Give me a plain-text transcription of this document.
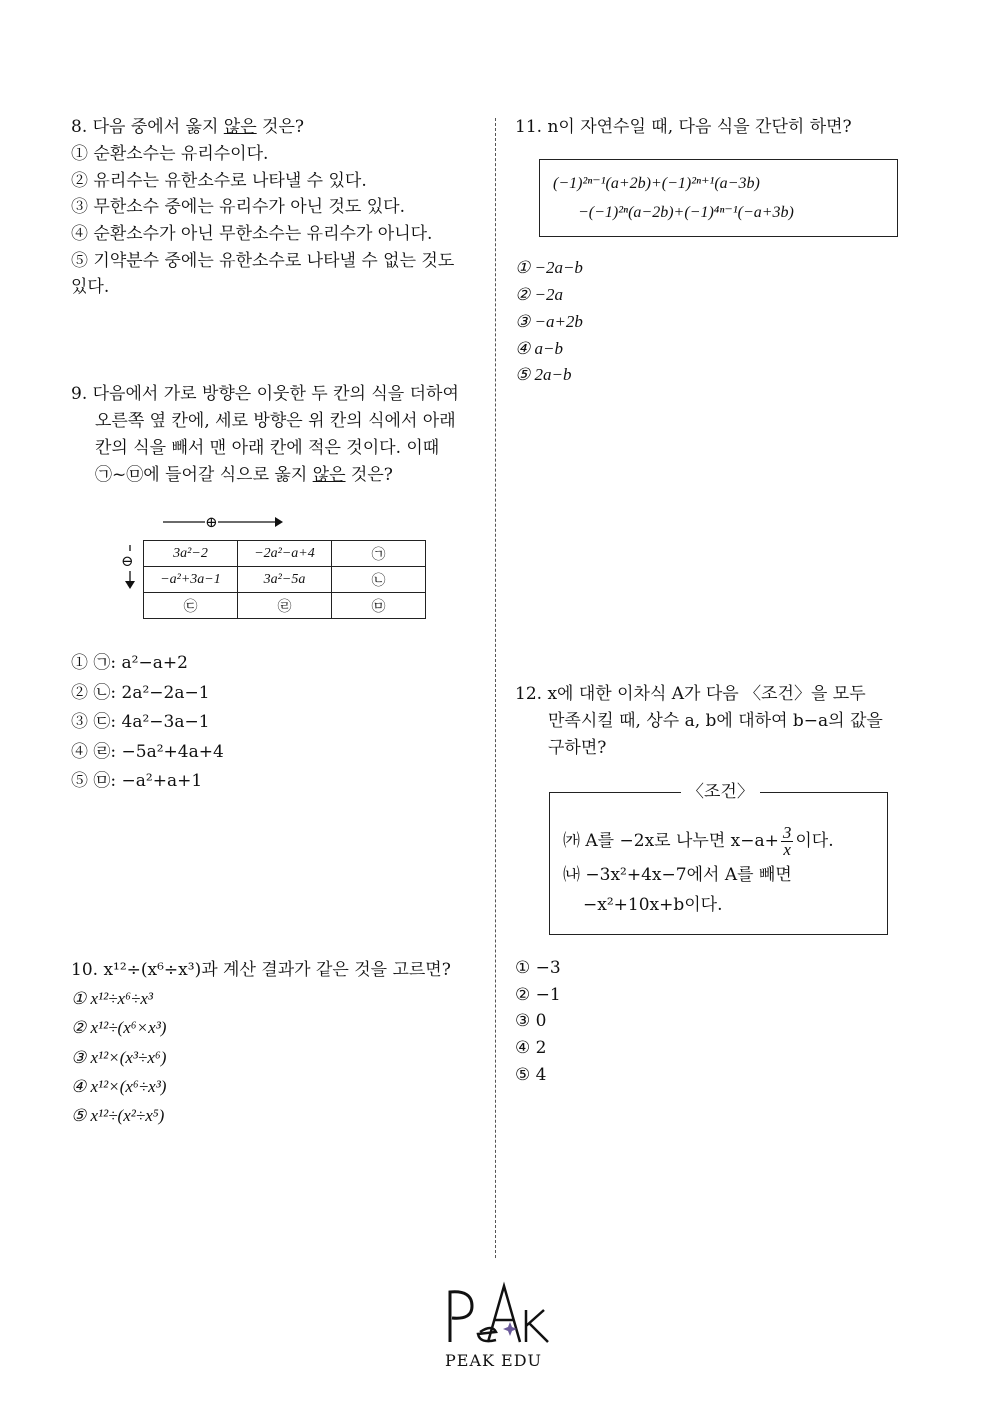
8. 다음 중에서 옳지 않은 것은?
① 순환소수는 유리수이다.
② 유리수는 유한소수로 나타낼 수 있다.
③ 무한소수 중에는 유리수가 아닌 것도 있다.
④ 순환소수가 아닌 무한소수는 유리수가 아니다.
⑤ 기약분수 중에는 유한소수로 나타낼 수 없는 것도
있다.
9. 다음에서 가로 방향은 이웃한 두 칸의 식을 더하여
오른쪽 옆 칸에, 세로 방향은 위 칸의 식에서 아래
칸의 식을 빼서 맨 아래 칸에 적은 것이다. 이때
㉠~㉤에 들어갈 식으로 옳지 않은 것은?
⊕
⊖	3a²−2	−2a²−a+4	㉠
−a²+3a−1	3a²−5a	㉡
㉢	㉣	㉤
① ㉠: a²−a+2
② ㉡: 2a²−2a−1
③ ㉢: 4a²−3a−1
④ ㉣: −5a²+4a+4
⑤ ㉤: −a²+a+1
10. x¹²÷(x⁶÷x³)과 계산 결과가 같은 것을 고르면?
① x¹²÷x⁶÷x³
② x¹²÷(x⁶×x³)
③ x¹²×(x³÷x⁶)
④ x¹²×(x⁶÷x³)
⑤ x¹²÷(x²÷x⁵)
11. n이 자연수일 때, 다음 식을 간단히 하면?
(−1)²ⁿ⁻¹(a+2b)+(−1)²ⁿ⁺¹(a−3b)
−(−1)²ⁿ(a−2b)+(−1)⁴ⁿ⁻¹(−a+3b)
① −2a−b
② −2a
③ −a+2b
④ a−b
⑤ 2a−b
12. x에 대한 이차식 A가 다음 〈조건〉을 모두
만족시킬 때, 상수 a, b에 대하여 b−a의 값을
구하면?
〈조건〉
㈎ A를 −2x로 나누면 $x-a+ \frac{3}{x}$ 이다.
㈏ −3x²+4x−7에서 A를 빼면
−x²+10x+b이다.
① −3
② −1
③ 0
④ 2
⑤ 4
PEAK EDU
